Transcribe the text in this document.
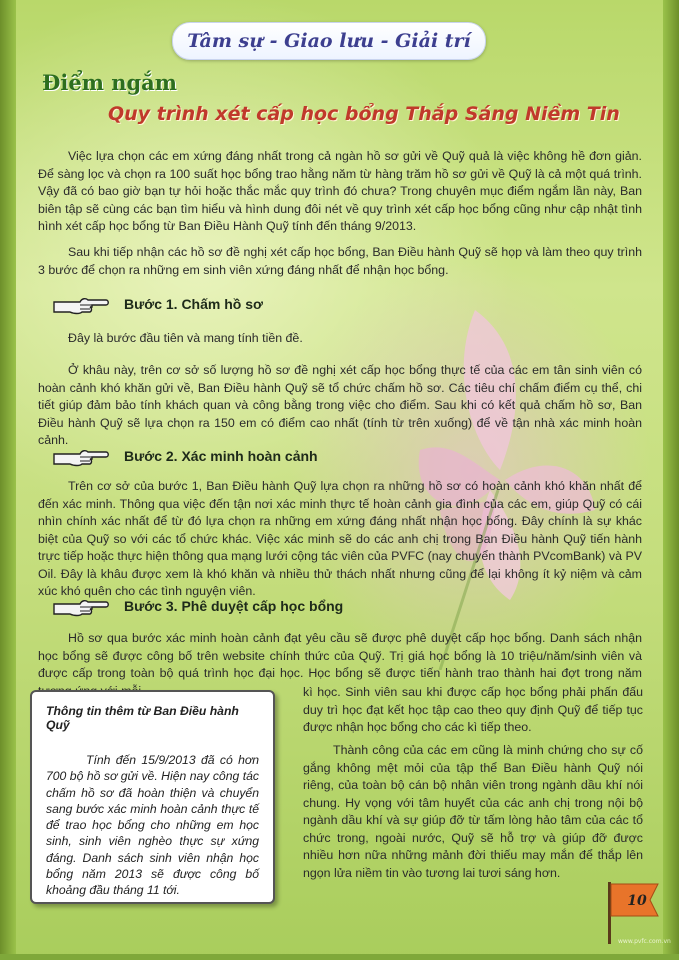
Tâm sự - Giao lưu - Giải trí
Điểm ngắm
Quy trình xét cấp học bổng Thắp Sáng Niềm Tin

Việc lựa chọn các em xứng đáng nhất trong cả ngàn hồ sơ gửi về Quỹ quả là việc không hề đơn giản. Để sàng lọc và chọn ra 100 suất học bổng trao hằng năm từ hàng trăm hồ sơ gửi về Quỹ là cả một quá trình. Vậy đã có bao giờ bạn tự hỏi hoặc thắc mắc quy trình đó chưa? Trong chuyên mục điểm ngắm lần này, Ban biên tập sẽ cùng các bạn tìm hiểu và hình dung đôi nét về quy trình xét cấp học bổng cũng như cập nhật tình hình xét cấp học bổng từ Ban Điều Hành Quỹ tính đến tháng 9/2013.

Sau khi tiếp nhận các hồ sơ đề nghị xét cấp học bổng, Ban Điều hành Quỹ sẽ họp và làm theo quy trình 3 bước để chọn ra những em sinh viên xứng đáng nhất để nhận học bổng.

Bước 1. Chấm hồ sơ

Đây là bước đầu tiên và mang tính tiền đề.

Ở khâu này, trên cơ sở số lượng hồ sơ đề nghị xét cấp học bổng thực tế của các em tân sinh viên có hoàn cảnh khó khăn gửi về, Ban Điều hành Quỹ sẽ tổ chức chấm hồ sơ. Các tiêu chí chấm điểm cụ thể, chi tiết giúp đảm bảo tính khách quan và công bằng trong việc cho điểm. Sau khi có kết quả chấm hồ sơ, Ban Điều hành Quỹ sẽ lựa chọn ra 150 em có điểm cao nhất (tính từ trên xuống) để về tận nhà xác minh hoàn cảnh.

Bước 2. Xác minh hoàn cảnh

Trên cơ sở của bước 1, Ban Điều hành Quỹ lựa chọn ra những hồ sơ có hoàn cảnh khó khăn nhất để đến xác minh. Thông qua việc đến tận nơi xác minh thực tế hoàn cảnh gia đình của các em, giúp Quỹ có cái nhìn chính xác nhất để từ đó lựa chọn ra những em xứng đáng nhất nhận học bổng. Đây chính là sự khác biệt của Quỹ so với các tổ chức khác. Việc xác minh sẽ do các anh chị trong Ban Điều hành Quỹ tiến hành trực tiếp hoặc thực hiện thông qua mạng lưới cộng tác viên của PVFC (nay chuyển thành PVcomBank) và PV Oil. Đây là khâu được xem là khó khăn và nhiều thử thách nhất nhưng cũng để lại không ít kỷ niệm và cảm xúc khó quên cho các tình nguyện viên.

Bước 3. Phê duyệt cấp học bổng

Hồ sơ qua bước xác minh hoàn cảnh đạt yêu cầu sẽ được phê duyệt cấp học bổng. Danh sách nhận học bổng sẽ được công bố trên website chính thức của Quỹ. Trị giá học bổng là 10 triệu/năm/sinh viên và được cấp trong toàn bộ quá trình học đại học. Học bổng sẽ được tiến hành trao thành hai đợt trong năm

kì học. Sinh viên sau khi được cấp học bổng phải phấn đấu duy trì học đạt kết học tập cao theo quy định Quỹ để tiếp tục được nhận học bổng cho các kì tiếp theo.

Thành công của các em cũng là minh chứng cho sự cố gắng không mệt mỏi của tập thể Ban Điều hành Quỹ nói riêng, của toàn bộ cán bộ nhân viên trong ngành dầu khí nói chung. Hy vọng với tâm huyết của các anh chị trong nội bộ ngành dầu khí và sự giúp đỡ từ tấm lòng hảo tâm của các tổ chức trong, ngoài nước, Quỹ sẽ hỗ trợ và giúp đỡ được nhiều hơn nữa những mảnh đời thiếu may mắn để thắp lên ngọn lửa niềm tin vào tương lai tươi sáng hơn.

Thông tin thêm từ Ban Điều hành Quỹ
Tính đến 15/9/2013 đã có hơn 700 bộ hồ sơ gửi về. Hiện nay công tác chấm hồ sơ đã hoàn thiện và chuyển sang bước xác minh hoàn cảnh thực tế để trao học bổng cho những em học sinh, sinh viên nghèo thực sự xứng đáng. Danh sách sinh viên nhận học bổng năm 2013 sẽ được công bố khoảng đầu tháng 11 tới.
10
www.pvfc.com.vn
